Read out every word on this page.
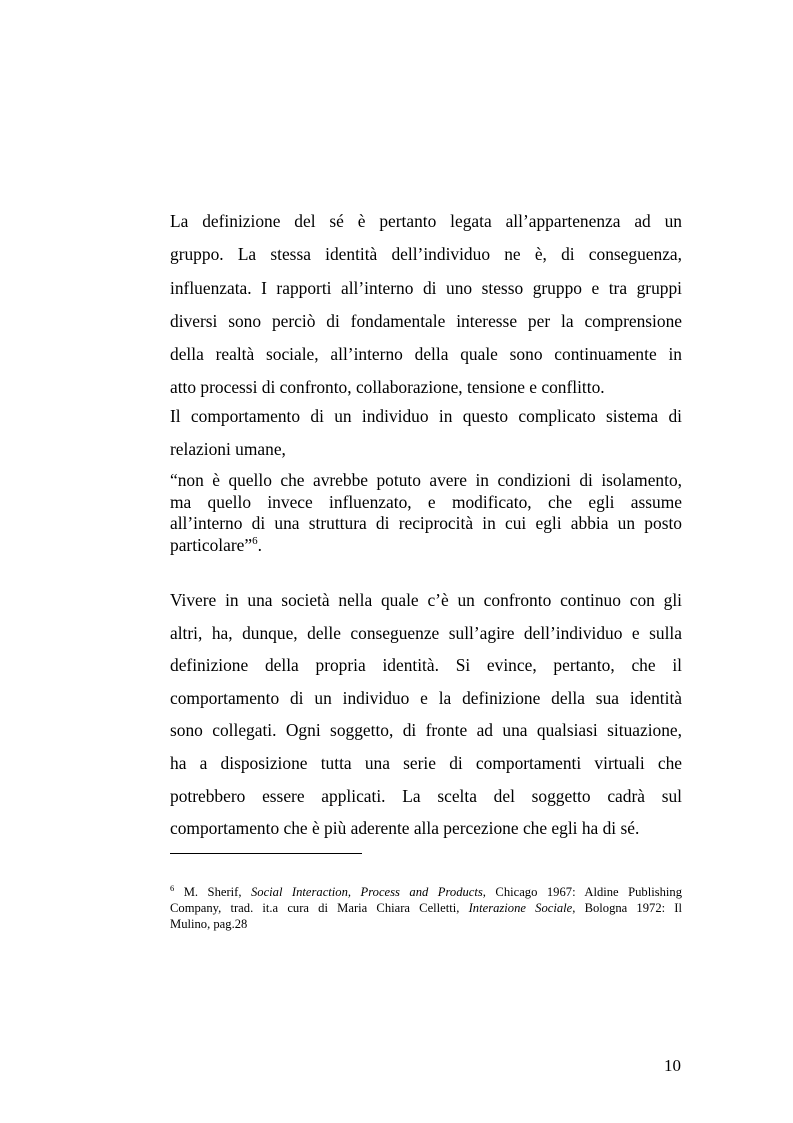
La definizione del sé è pertanto legata all’appartenenza ad un
gruppo. La stessa identità dell’individuo ne è, di conseguenza,
influenzata. I rapporti all’interno di uno stesso gruppo e tra gruppi
diversi sono perciò di fondamentale interesse per la comprensione
della realtà sociale, all’interno della quale sono continuamente in
atto processi di confronto, collaborazione, tensione e conflitto.
Il comportamento di un individuo in questo complicato sistema di
relazioni umane,
“non è quello che avrebbe potuto avere in condizioni di isolamento,
ma quello invece influenzato, e modificato, che egli assume
all’interno di una struttura di reciprocità in cui egli abbia un posto
particolare”$^6$.
Vivere in una società nella quale c’è un confronto continuo con gli
altri, ha, dunque, delle conseguenze sull’agire dell’individuo e sulla
definizione della propria identità. Si evince, pertanto, che il
comportamento di un individuo e la definizione della sua identità
sono collegati. Ogni soggetto, di fronte ad una qualsiasi situazione,
ha a disposizione tutta una serie di comportamenti virtuali che
potrebbero essere applicati. La scelta del soggetto cadrà sul
comportamento che è più aderente alla percezione che egli ha di sé.
$^6$ M. Sherif, Social Interaction, Process and Products, Chicago 1967: Aldine Publishing
Company, trad. it.a cura di Maria Chiara Celletti, Interazione Sociale, Bologna 1972: Il
Mulino, pag.28
10
